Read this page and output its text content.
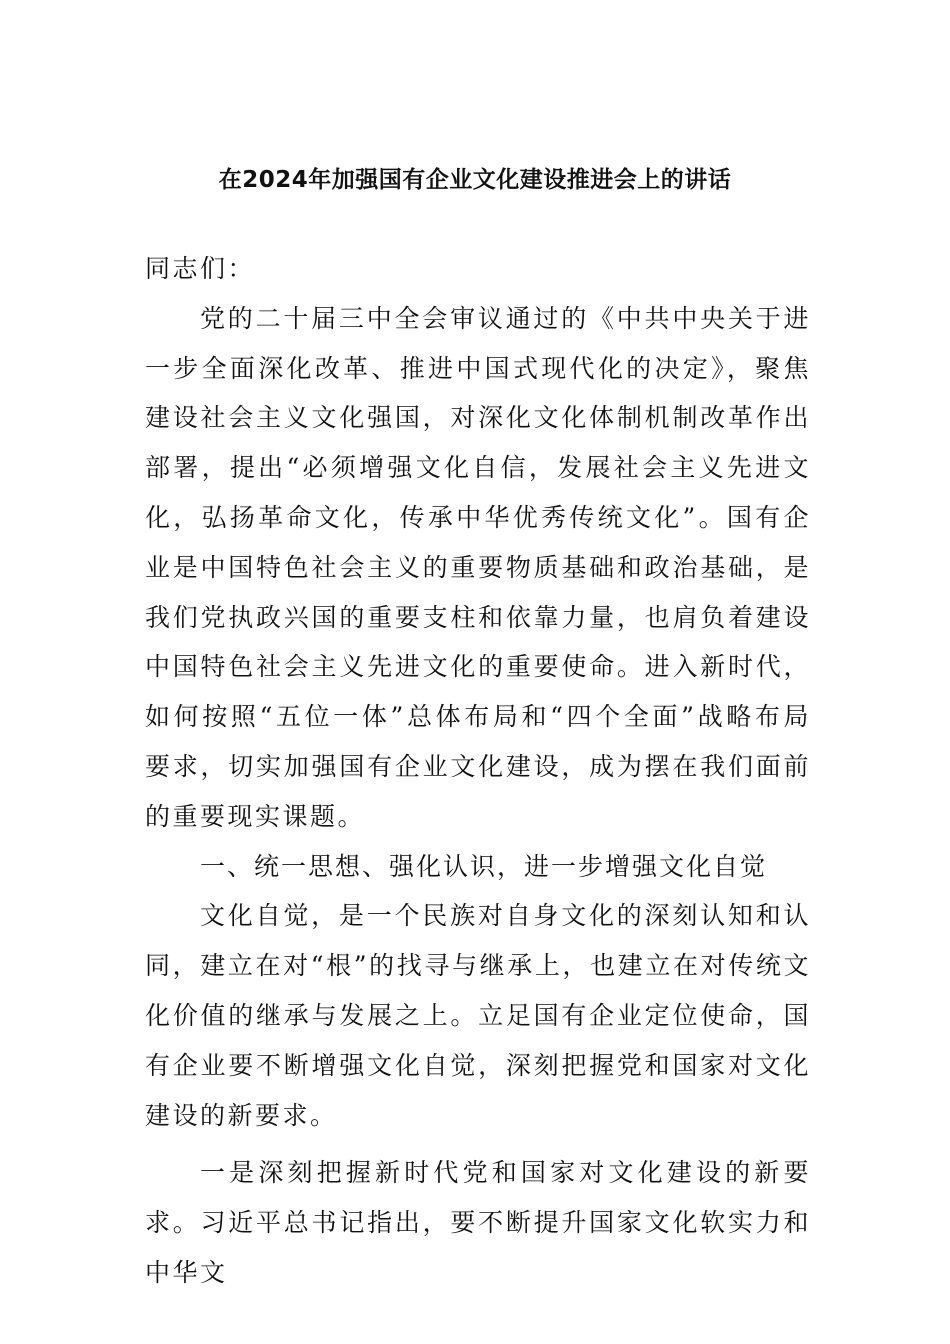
在2024年加强国有企业文化建设推进会上的讲话

同志们：

党的二十届三中全会审议通过的《中共中央关于进一步全面深化改革、推进中国式现代化的决定》，聚焦建设社会主义文化强国，对深化文化体制机制改革作出部署，提出“必须增强文化自信，发展社会主义先进文化，弘扬革命文化，传承中华优秀传统文化”。国有企业是中国特色社会主义的重要物质基础和政治基础，是我们党执政兴国的重要支柱和依靠力量，也肩负着建设中国特色社会主义先进文化的重要使命。进入新时代，如何按照“五位一体”总体布局和“四个全面”战略布局要求，切实加强国有企业文化建设，成为摆在我们面前的重要现实课题。

一、统一思想、强化认识，进一步增强文化自觉

文化自觉，是一个民族对自身文化的深刻认知和认同，建立在对“根”的找寻与继承上，也建立在对传统文化价值的继承与发展之上。立足国有企业定位使命，国有企业要不断增强文化自觉，深刻把握党和国家对文化建设的新要求。

一是深刻把握新时代党和国家对文化建设的新要求。习近平总书记指出，要不断提升国家文化软实力和中华文
